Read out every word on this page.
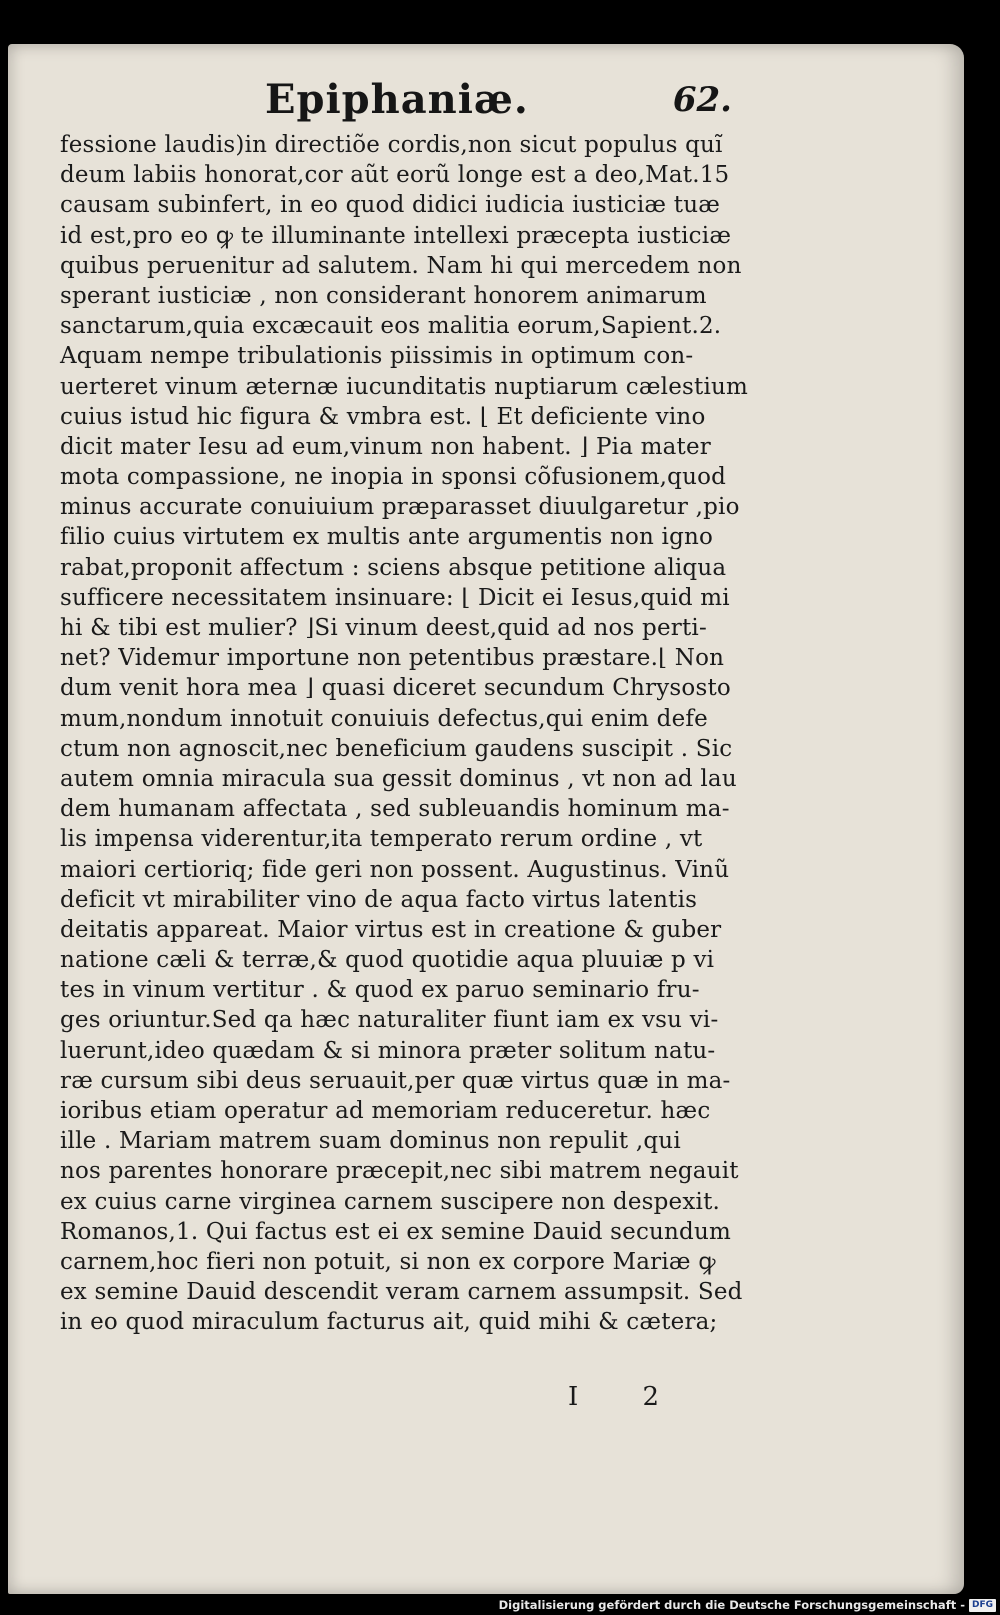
Epiphaniæ.	62.
fessione laudis)in directiõe cordis,non sicut populus quĩ
deum labiis honorat,cor aũt eorũ longe est a deo,Mat.15
causam subinfert, in eo quod didici iudicia iusticiæ tuæ
id est,pro eo ꝙ te illuminante intellexi præcepta iusticiæ
quibus peruenitur ad salutem. Nam hi qui mercedem non
sperant iusticiæ , non considerant honorem animarum
sanctarum,quia excæcauit eos malitia eorum,Sapient.2.
Aquam nempe tribulationis piissimis in optimum con-
uerteret vinum æternæ iucunditatis nuptiarum cælestium
cuius istud hic figura & vmbra est. ⌊ Et deficiente vino
dicit mater Iesu ad eum,vinum non habent. ⌋ Pia mater
mota compassione, ne inopia in sponsi cõfusionem,quod
minus accurate conuiuium præparasset diuulgaretur ,pio
filio cuius virtutem ex multis ante argumentis non igno
rabat,proponit affectum : sciens absque petitione aliqua
sufficere necessitatem insinuare: ⌊ Dicit ei Iesus,quid mi
hi & tibi est mulier? ⌋Si vinum deest,quid ad nos perti-
net? Videmur importune non petentibus præstare.⌊ Non
dum venit hora mea ⌋ quasi diceret secundum Chrysosto
mum,nondum innotuit conuiuis defectus,qui enim defe
ctum non agnoscit,nec beneficium gaudens suscipit . Sic
autem omnia miracula sua gessit dominus , vt non ad lau
dem humanam affectata , sed subleuandis hominum ma-
lis impensa viderentur,ita temperato rerum ordine , vt
maiori certioriq; fide geri non possent. Augustinus. Vinũ
deficit vt mirabiliter vino de aqua facto virtus latentis
deitatis appareat. Maior virtus est in creatione & guber
natione cæli & terræ,& quod quotidie aqua pluuiæ p vi
tes in vinum vertitur . & quod ex paruo seminario fru-
ges oriuntur.Sed qa hæc naturaliter fiunt iam ex vsu vi-
luerunt,ideo quædam & si minora præter solitum natu-
ræ cursum sibi deus seruauit,per quæ virtus quæ in ma-
ioribus etiam operatur ad memoriam reduceretur. hæc
ille . Mariam matrem suam dominus non repulit ,qui
nos parentes honorare præcepit,nec sibi matrem negauit
ex cuius carne virginea carnem suscipere non despexit.
Romanos,1. Qui factus est ei ex semine Dauid secundum
carnem,hoc fieri non potuit, si non ex corpore Mariæ ꝙ
ex semine Dauid descendit veram carnem assumpsit. Sed
in eo quod miraculum facturus ait, quid mihi & cætera;
I 2
Digitalisierung gefördert durch die Deutsche Forschungsgemeinschaft - DFG
